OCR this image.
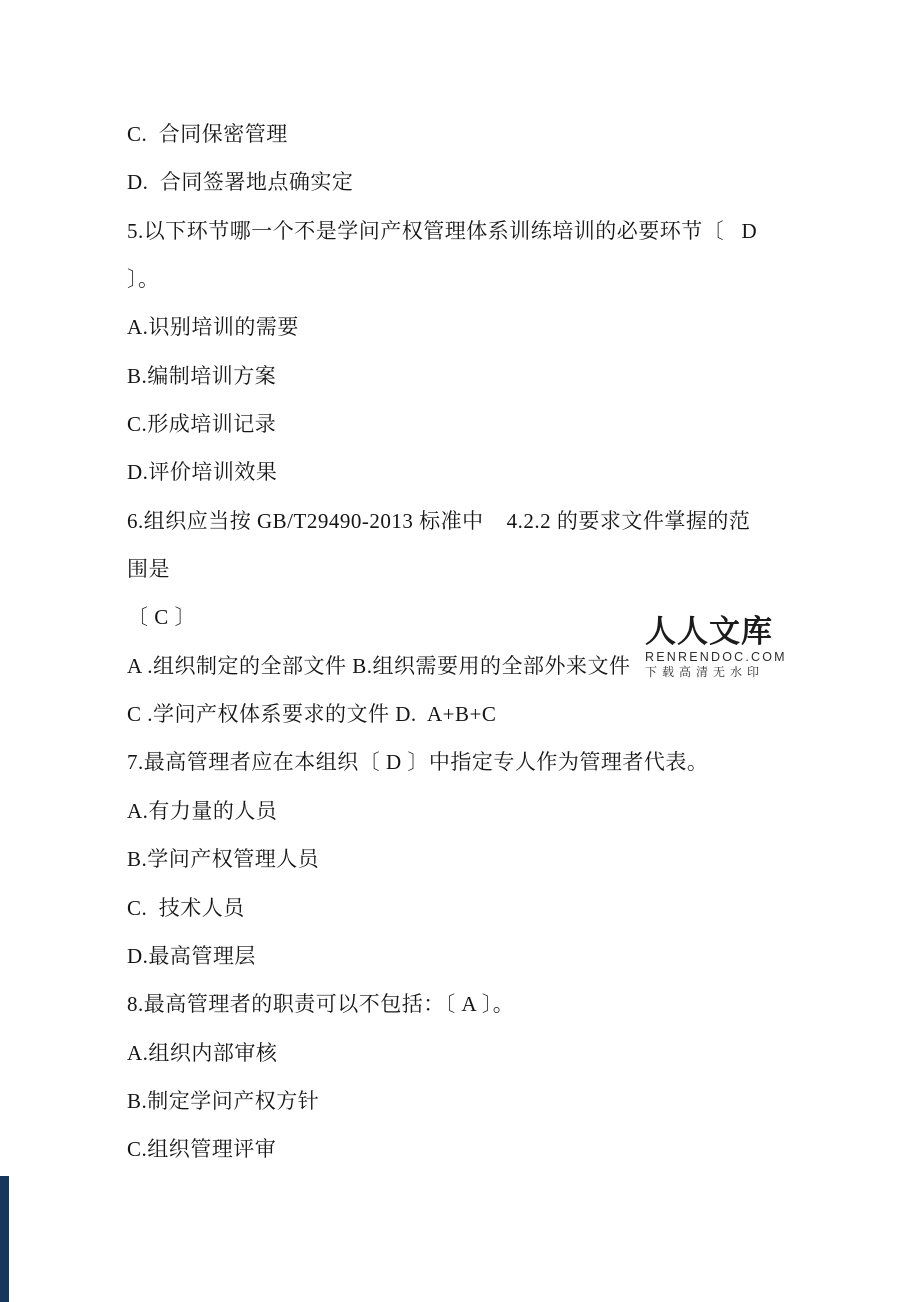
C.  合同保密管理
D.  合同签署地点确实定
5.以下环节哪一个不是学问产权管理体系训练培训的必要环节〔   D
〕。
A.识别培训的需要
B.编制培训方案
C.形成培训记录
D.评价培训效果
6.组织应当按 GB/T29490-2013 标准中    4.2.2 的要求文件掌握的范
围是
〔 C 〕
A .组织制定的全部文件 B.组织需要用的全部外来文件
C .学问产权体系要求的文件 D.  A+B+C
7.最高管理者应在本组织〔 D 〕中指定专人作为管理者代表。
A.有力量的人员
B.学问产权管理人员
C.  技术人员
D.最高管理层
8.最高管理者的职责可以不包括：〔 A 〕。
A.组织内部审核
B.制定学问产权方针
C.组织管理评审
人人文库
RENRENDOC.COM
下载高清无水印
